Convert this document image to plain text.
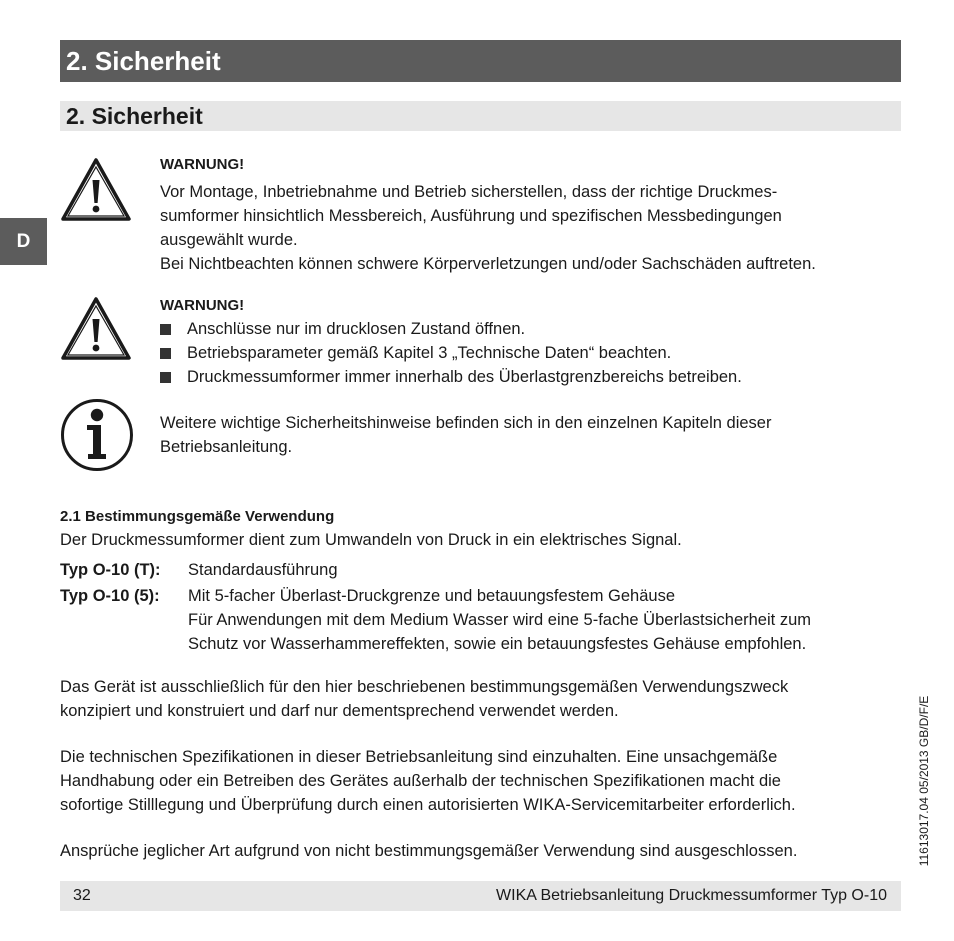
2. Sicherheit
2. Sicherheit
D
WARNUNG!
Vor Montage, Inbetriebnahme und Betrieb sicherstellen, dass der richtige Druckmes-
sumformer hinsichtlich Messbereich, Ausführung und spezifischen Messbedingungen
ausgewählt wurde.
Bei Nichtbeachten können schwere Körperverletzungen und/oder Sachschäden auftreten.
WARNUNG!
Anschlüsse nur im drucklosen Zustand öffnen.
Betriebsparameter gemäß Kapitel 3 „Technische Daten“ beachten.
Druckmessumformer immer innerhalb des Überlastgrenzbereichs betreiben.
Weitere wichtige Sicherheitshinweise befinden sich in den einzelnen Kapiteln dieser
Betriebsanleitung.
2.1 Bestimmungsgemäße Verwendung
Der Druckmessumformer dient zum Umwandeln von Druck in ein elektrisches Signal.
Typ O-10 (T): Standardausführung
Typ O-10 (5): Mit 5-facher Überlast-Druckgrenze und betauungsfestem Gehäuse
Für Anwendungen mit dem Medium Wasser wird eine 5-fache Überlastsicherheit zum
Schutz vor Wasserhammereffekten, sowie ein betauungsfestes Gehäuse empfohlen.
Das Gerät ist ausschließlich für den hier beschriebenen bestimmungsgemäßen Verwendungszweck
konzipiert und konstruiert und darf nur dementsprechend verwendet werden.
Die technischen Spezifikationen in dieser Betriebsanleitung sind einzuhalten. Eine unsachgemäße
Handhabung oder ein Betreiben des Gerätes außerhalb der technischen Spezifikationen macht die
sofortige Stilllegung und Überprüfung durch einen autorisierten WIKA-Servicemitarbeiter erforderlich.
Ansprüche jeglicher Art aufgrund von nicht bestimmungsgemäßer Verwendung sind ausgeschlossen.	11613017.04 05/2013 GB/D/F/E
32	WIKA Betriebsanleitung Druckmessumformer Typ O-10
